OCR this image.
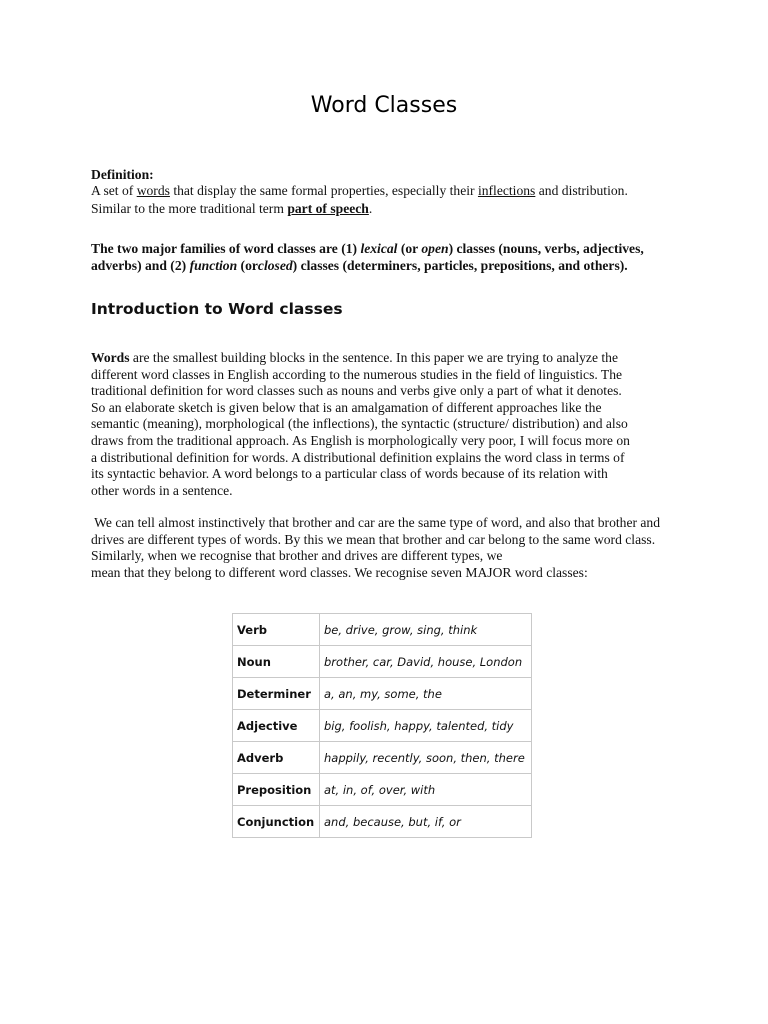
Word Classes

Definition:

A set of words that display the same formal properties, especially their inflections and distribution.

Similar to the more traditional term part of speech.

The two major families of word classes are (1) lexical (or open) classes (nouns, verbs, adjectives,
adverbs) and (2) function (orclosed) classes (determiners, particles, prepositions, and others).
Introduction to Word classes
Words are the smallest building blocks in the sentence. In this paper we are trying to analyze the
different word classes in English according to the numerous studies in the field of linguistics. The
traditional definition for word classes such as nouns and verbs give only a part of what it denotes.
So an elaborate sketch is given below that is an amalgamation of different approaches like the
semantic (meaning), morphological (the inflections), the syntactic (structure/ distribution) and also
draws from the traditional approach. As English is morphologically very poor, I will focus more on
a distributional definition for words. A distributional definition explains the word class in terms of
its syntactic behavior. A word belongs to a particular class of words because of its relation with
other words in a sentence.
We can tell almost instinctively that brother and car are the same type of word, and also that brother and
drives are different types of words. By this we mean that brother and car belong to the same word class.
Similarly, when we recognise that brother and drives are different types, we
mean that they belong to different word classes. We recognise seven MAJOR word classes:
Verb	be, drive, grow, sing, think
Noun	brother, car, David, house, London
Determiner	a, an, my, some, the
Adjective	big, foolish, happy, talented, tidy
Adverb	happily, recently, soon, then, there
Preposition	at, in, of, over, with
Conjunction	and, because, but, if, or
